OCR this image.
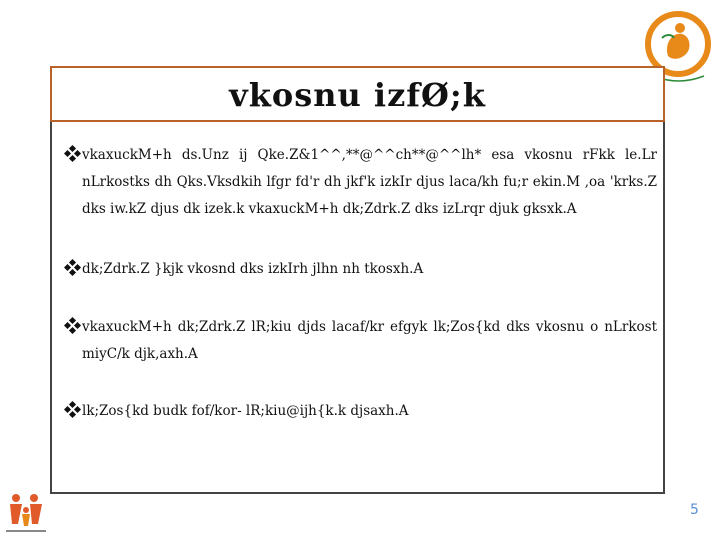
vkosnu izfØ;k
vkaxuckM+h ds.Unz ij Qke.Z&1^^,**@^^ch**@^^lh* esa vkosnu rFkk le.Lr nLrkostks dh Qks.Vksdkih lfgr fd'r dh jkf'k izkIr djus laca/kh fu;r ekin.M ,oa 'krks.Z dks iw.kZ djus dk izek.k vkaxuckM+h dk;Zdrk.Z dks izLrqr djuk gksxk.A
dk;Zdrk.Z }kjk vkosnd dks izkIrh jlhn nh tkosxh.A
vkaxuckM+h dk;Zdrk.Z lR;kiu djds lacaf/kr efgyk lk;Zos{kd dks vkosnu o nLrkost miyC/k djk,axh.A
lk;Zos{kd budk fof/kor- lR;kiu@ijh{k.k djsaxh.A
5
